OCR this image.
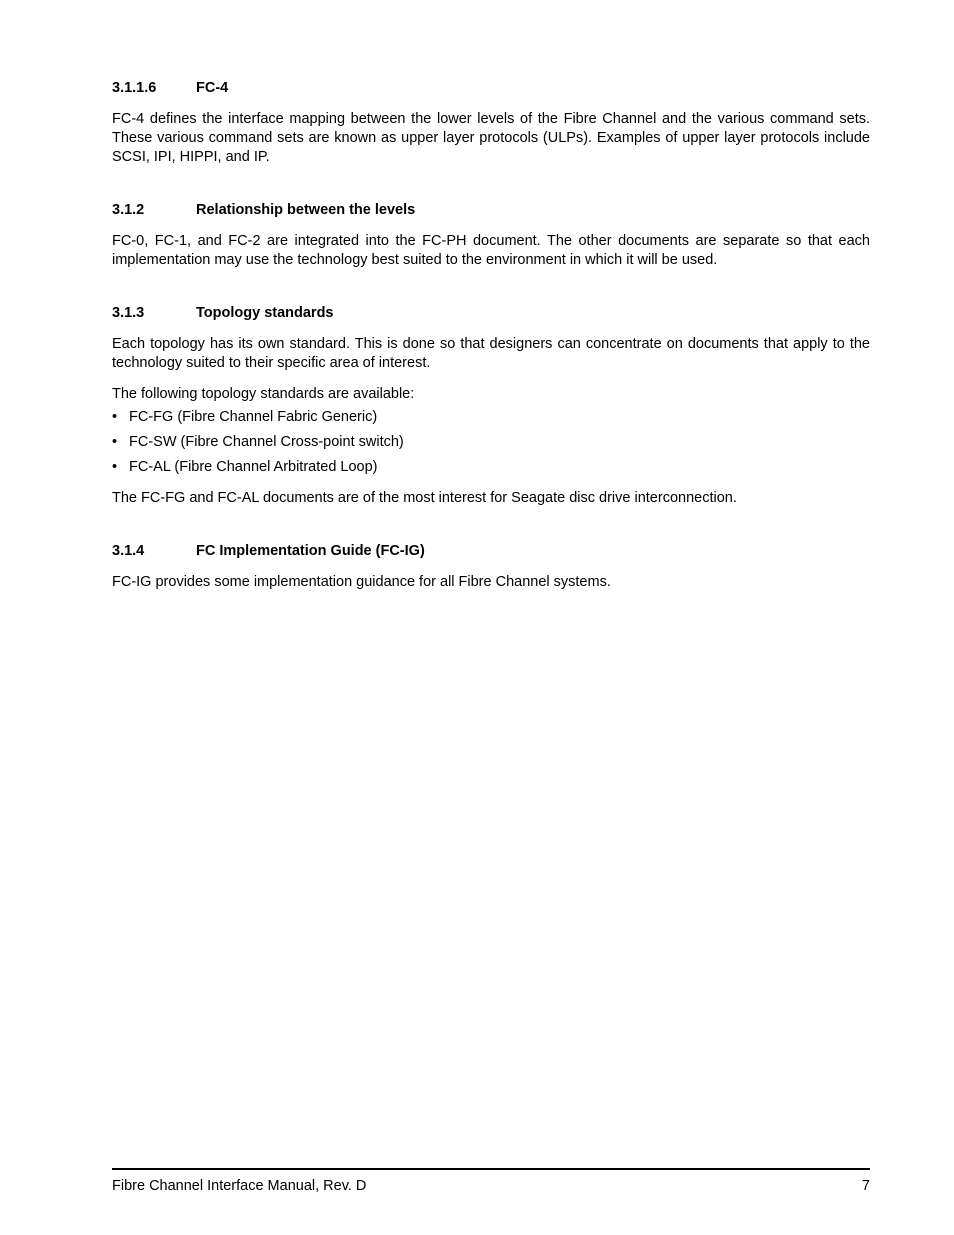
3.1.1.6	FC-4

FC-4 defines the interface mapping between the lower levels of the Fibre Channel and the various command sets. These various command sets are known as upper layer protocols (ULPs). Examples of upper layer protocols include SCSI, IPI, HIPPI, and IP.

3.1.2	Relationship between the levels

FC-0, FC-1, and FC-2 are integrated into the FC-PH document. The other documents are separate so that each implementation may use the technology best suited to the environment in which it will be used.

3.1.3	Topology standards

Each topology has its own standard. This is done so that designers can concentrate on documents that apply to the technology suited to their specific area of interest.

The following topology standards are available:

• FC-FG (Fibre Channel Fabric Generic)
• FC-SW (Fibre Channel Cross-point switch)
• FC-AL (Fibre Channel Arbitrated Loop)

The FC-FG and FC-AL documents are of the most interest for Seagate disc drive interconnection.

3.1.4	FC Implementation Guide (FC-IG)

FC-IG provides some implementation guidance for all Fibre Channel systems.

Fibre Channel Interface Manual, Rev. D	7
